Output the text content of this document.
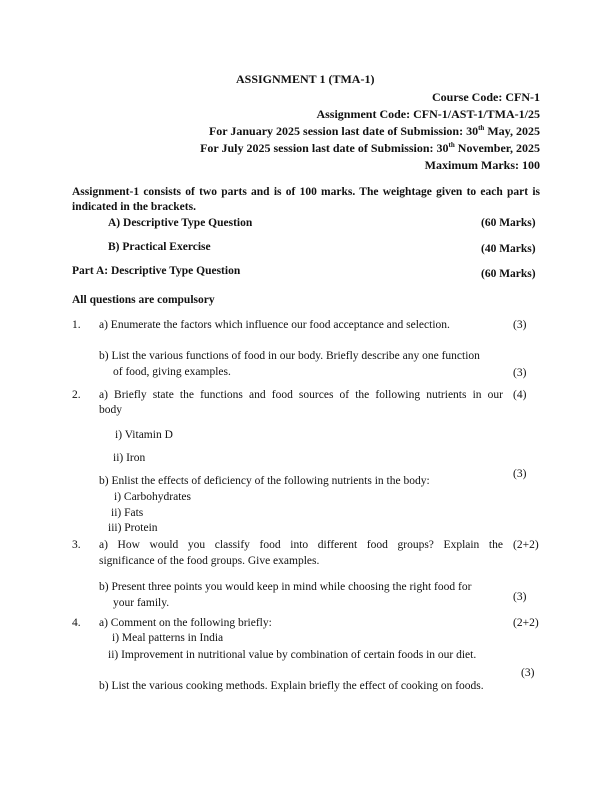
ASSIGNMENT 1 (TMA-1)
Course Code: CFN-1
Assignment Code: CFN-1/AST-1/TMA-1/25
For January 2025 session last date of Submission: 30th May, 2025
For July 2025 session last date of Submission: 30th November, 2025
Maximum Marks: 100
Assignment-1 consists of two parts and is of 100 marks. The weightage given to each part is
indicated in the brackets.
A) Descriptive Type Question	(60 Marks)
B) Practical Exercise	(40 Marks)
Part A: Descriptive Type Question	(60 Marks)
All questions are compulsory
1. a) Enumerate the factors which influence our food acceptance and selection.	(3)
b) List the various functions of food in our body. Briefly describe any one function
of food, giving examples.	(3)
2. a) Briefly state the functions and food sources of the following nutrients in our (4)
body
i) Vitamin D
ii) Iron
(3)
b) Enlist the effects of deficiency of the following nutrients in the body:
i) Carbohydrates
ii) Fats
iii) Protein
3. a) How would you classify food into different food groups? Explain the (2+2)
significance of the food groups. Give examples.
b) Present three points you would keep in mind while choosing the right food for
your family.	(3)
4. a) Comment on the following briefly:	(2+2)
i) Meal patterns in India
ii) Improvement in nutritional value by combination of certain foods in our diet.
(3)
b) List the various cooking methods. Explain briefly the effect of cooking on foods.
